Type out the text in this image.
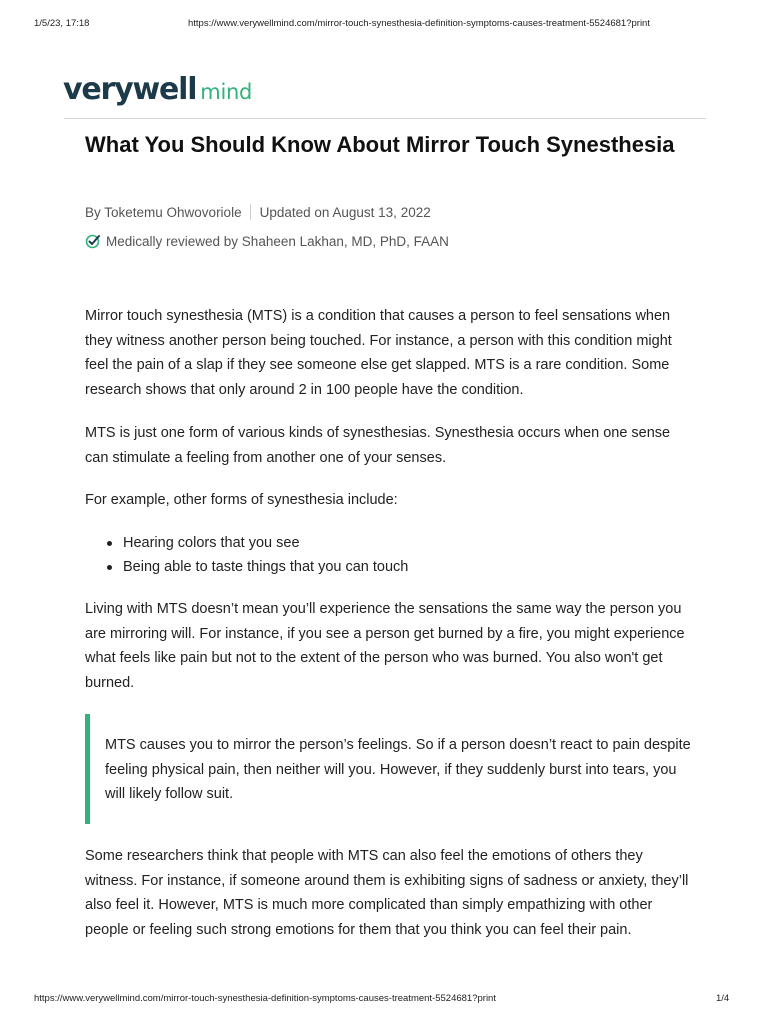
1/5/23, 17:18	https://www.verywellmind.com/mirror-touch-synesthesia-definition-symptoms-causes-treatment-5524681?print
verywell mind
What You Should Know About Mirror Touch Synesthesia
By Toketemu Ohwovoriole Updated on August 13, 2022
Medically reviewed by Shaheen Lakhan, MD, PhD, FAAN

Mirror touch synesthesia (MTS) is a condition that causes a person to feel sensations when they witness another person being touched. For instance, a person with this condition might feel the pain of a slap if they see someone else get slapped. MTS is a rare condition. Some research shows that only around 2 in 100 people have the condition.

MTS is just one form of various kinds of synesthesias. Synesthesia occurs when one sense can stimulate a feeling from another one of your senses.

For example, other forms of synesthesia include:

Hearing colors that you see
Being able to taste things that you can touch

Living with MTS doesn’t mean you’ll experience the sensations the same way the person you are mirroring will. For instance, if you see a person get burned by a fire, you might experience what feels like pain but not to the extent of the person who was burned. You also won't get burned.

MTS causes you to mirror the person’s feelings. So if a person doesn’t react to pain despite feeling physical pain, then neither will you. However, if they suddenly burst into tears, you will likely follow suit.

Some researchers think that people with MTS can also feel the emotions of others they witness. For instance, if someone around them is exhibiting signs of sadness or anxiety, they’ll also feel it. However, MTS is much more complicated than simply empathizing with other people or feeling such strong emotions for them that you think you can feel their pain.

https://www.verywellmind.com/mirror-touch-synesthesia-definition-symptoms-causes-treatment-5524681?print	1/4
